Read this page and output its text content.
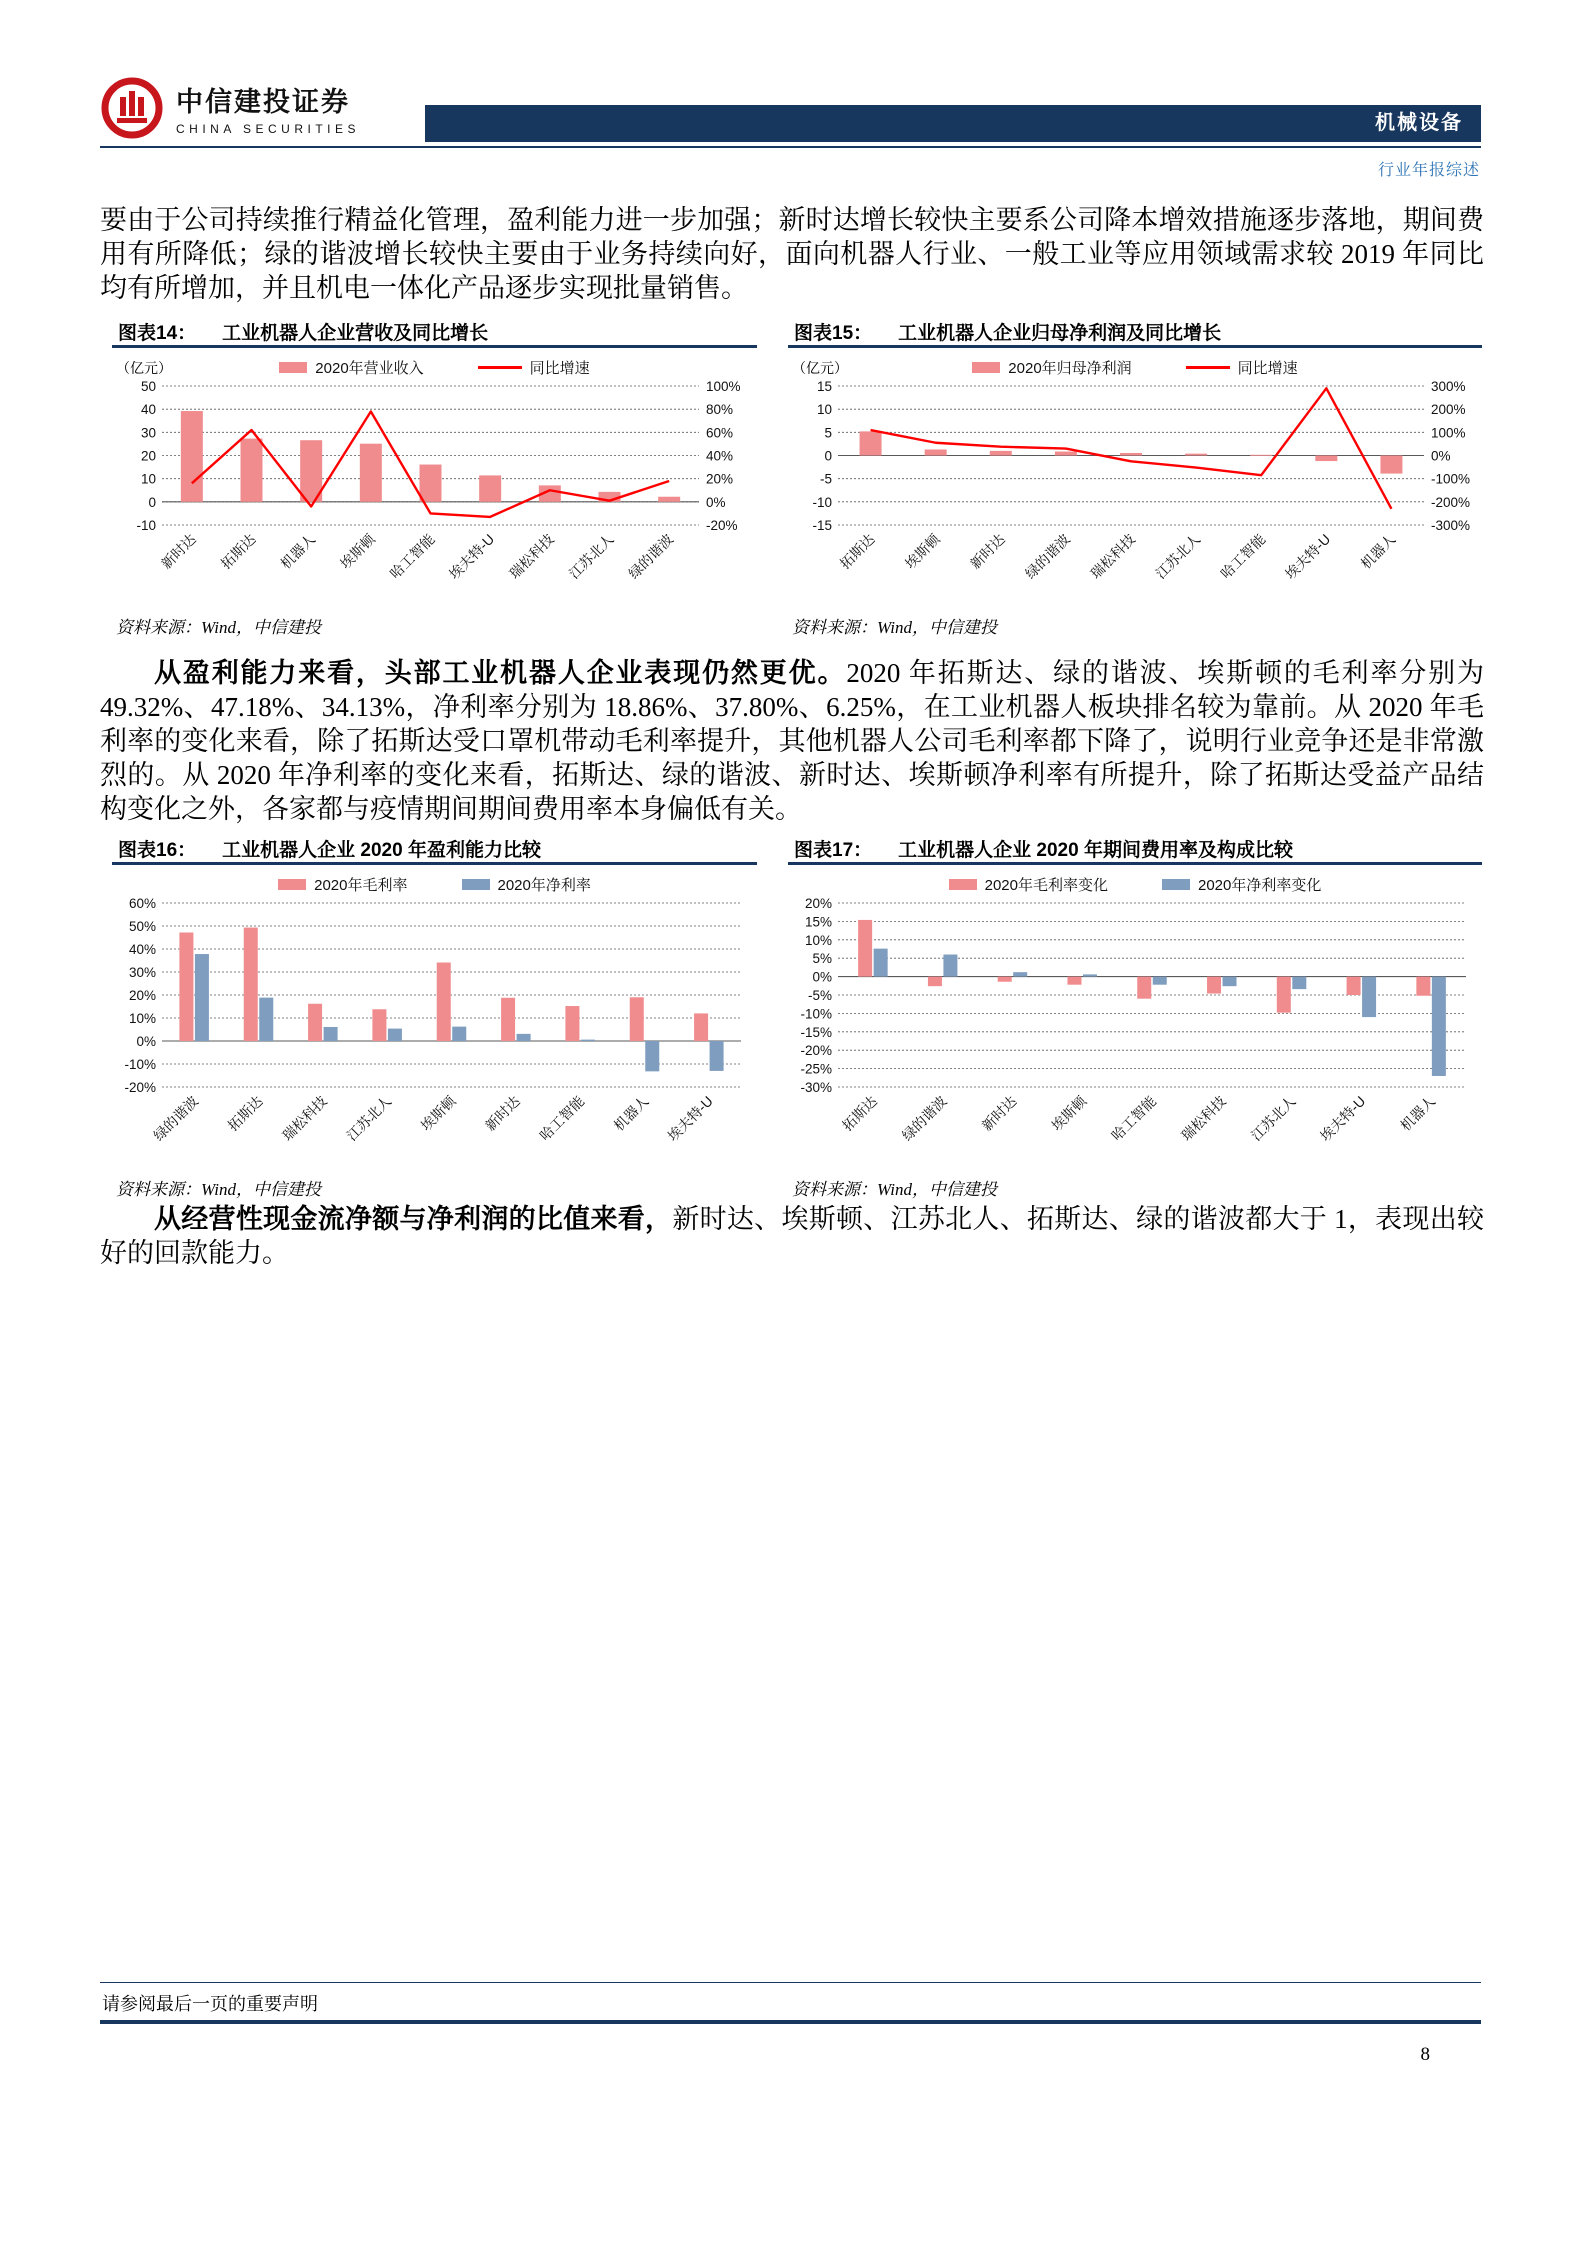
中信建投证券
CHINA SECURITIES	机械设备
行业年报综述

要由于公司持续推行精益化管理，盈利能力进一步加强；新时达增长较快主要系公司降本增效措施逐步落地，期间费用有所降低；绿的谐波增长较快主要由于业务持续向好，面向机器人行业、一般工业等应用领域需求较 2019 年同比均有所增加，并且机电一体化产品逐步实现批量销售。

图表14： 工业机器人企业营收及同比增长
（亿元）	2020年营业收入	同比增速
-10
0
10
20
30
40
50
-20%
0%
20%
40%
60%
80%
100%
新时达 拓斯达 机器人 埃斯顿 哈工智能 埃夫特-U 瑞松科技 江苏北人 绿的谐波
资料来源：Wind，中信建投
图表15： 工业机器人企业归母净利润及同比增长
（亿元）	2020年归母净利润	同比增速
-15
-10
-5
0
5
10
15
-300%
-200%
-100%
0%
100%
200%
300%
拓斯达 埃斯顿 新时达 绿的谐波 瑞松科技 江苏北人 哈工智能 埃夫特-U 机器人
资料来源：Wind，中信建投

从盈利能力来看，头部工业机器人企业表现仍然更优。2020 年拓斯达、绿的谐波、埃斯顿的毛利率分别为 49.32%、47.18%、34.13%，净利率分别为 18.86%、37.80%、6.25%，在工业机器人板块排名较为靠前。从 2020 年毛利率的变化来看，除了拓斯达受口罩机带动毛利率提升，其他机器人公司毛利率都下降了，说明行业竞争还是非常激烈的。从 2020 年净利率的变化来看，拓斯达、绿的谐波、新时达、埃斯顿净利率有所提升，除了拓斯达受益产品结构变化之外，各家都与疫情期间期间费用率本身偏低有关。

图表16： 工业机器人企业 2020 年盈利能力比较
2020年毛利率	2020年净利率
-20%
-10%
0%
10%
20%
30%
40%
50%
60%
绿的谐波 拓斯达 瑞松科技 江苏北人 埃斯顿 新时达 哈工智能 机器人 埃夫特-U
资料来源：Wind，中信建投
图表17： 工业机器人企业 2020 年期间费用率及构成比较
2020年毛利率变化	2020年净利率变化
-30%
-25%
-20%
-15%
-10%
-5%
0%
5%
10%
15%
20%
拓斯达 绿的谐波 新时达 埃斯顿 哈工智能 瑞松科技 江苏北人 埃夫特-U 机器人
资料来源：Wind，中信建投

从经营性现金流净额与净利润的比值来看，新时达、埃斯顿、江苏北人、拓斯达、绿的谐波都大于 1，表现出较好的回款能力。

请参阅最后一页的重要声明
8
